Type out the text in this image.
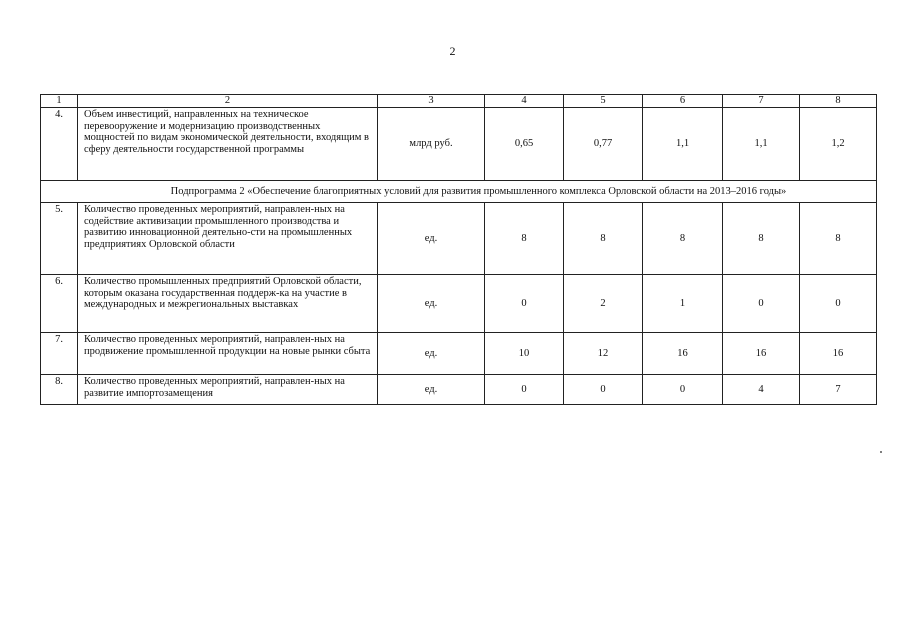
2
1	2	3	4	5	6	7	8
4.	Объем инвестиций, направленных на техническое перевооружение и модернизацию производственных мощностей по видам экономической деятельности, входящим в сферу деятельности государственной программы	млрд руб.	0,65	0,77	1,1	1,1	1,2
Подпрограмма 2 «Обеспечение благоприятных условий для развития промышленного комплекса Орловской области на 2013–2016 годы»							
5.	Количество проведенных мероприятий, направлен-ных на содействие активизации промышленного производства и развитию инновационной деятельно-сти на промышленных предприятиях Орловской области	ед.	8	8	8	8	8
6.	Количество промышленных предприятий Орловской области, которым оказана государственная поддерж-ка на участие в международных и межрегиональных выставках	ед.	0	2	1	0	0
7.	Количество проведенных мероприятий, направлен-ных на продвижение промышленной продукции на новые рынки сбыта	ед.	10	12	16	16	16
8.	Количество проведенных мероприятий, направлен-ных на развитие импортозамещения	ед.	0	0	0	4	7
